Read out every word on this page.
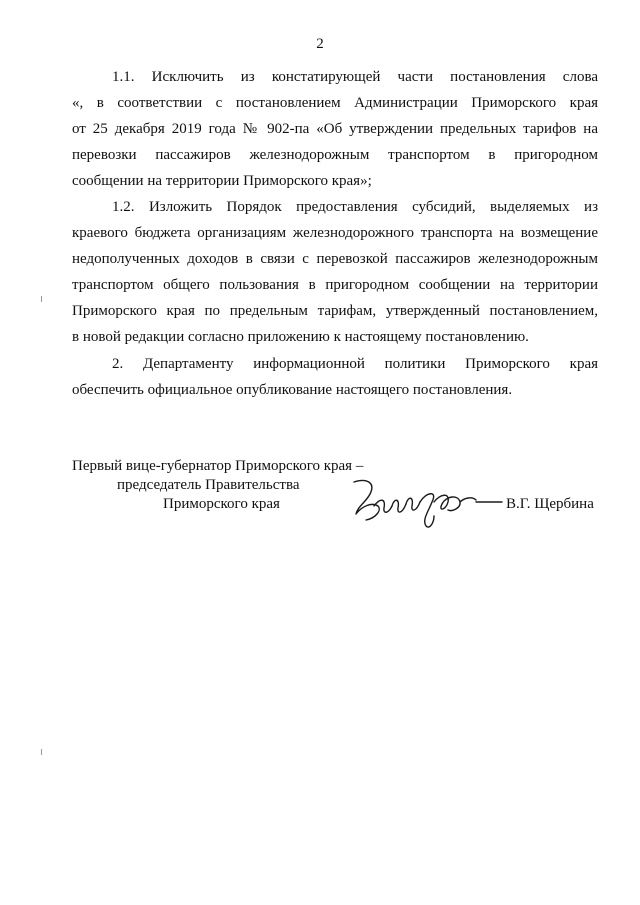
2
1.1. Исключить из констатирующей части постановления слова
«, в соответствии с постановлением Администрации Приморского края
от 25 декабря 2019 года № 902-па «Об утверждении предельных тарифов на
перевозки пассажиров железнодорожным транспортом в пригородном
сообщении на территории Приморского края»;
1.2. Изложить Порядок предоставления субсидий, выделяемых из
краевого бюджета организациям железнодорожного транспорта на возмещение
недополученных доходов в связи с перевозкой пассажиров железнодорожным
транспортом общего пользования в пригородном сообщении на территории
Приморского края по предельным тарифам, утвержденный постановлением,
в новой редакции согласно приложению к настоящему постановлению.
2. Департаменту информационной политики Приморского края
обеспечить официальное опубликование настоящего постановления.
Первый вице-губернатор Приморского края –
председатель Правительства
Приморского края	В.Г. Щербина
